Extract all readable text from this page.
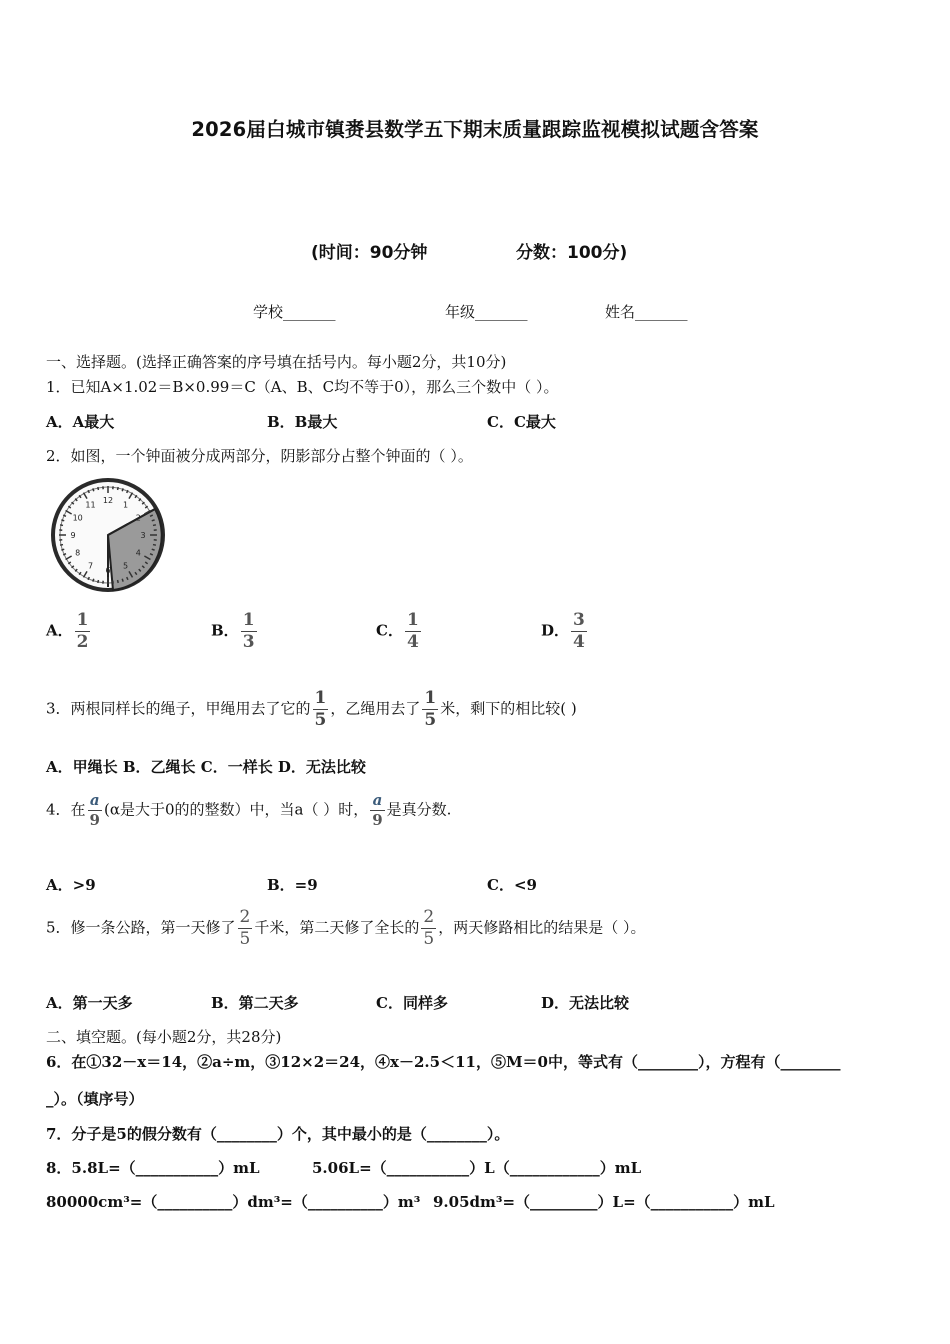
2026届白城市镇赉县数学五下期末质量跟踪监视模拟试题含答案
(时间：90分钟	分数：100分)
学校_______	年级_______	姓名_______
一、选择题。(选择正确答案的序号填在括号内。每小题2分，共10分)
1．已知A×1.02＝B×0.99＝C（A、B、C均不等于0），那么三个数中（ ）。
A．A最大	B．B最大	C．C最大
2．如图，一个钟面被分成两部分，阴影部分占整个钟面的（ ）。
11
12
1
2
3
4
5
6
7
8
9
10
A． $\frac{1}{2}$	B． $\frac{1}{3}$	C． $\frac{1}{4}$	D． $\frac{3}{4}$
3．两根同样长的绳子，甲绳用去了它的 $\frac{1}{5}$ ，乙绳用去了 $\frac{1}{5}$ 米，剩下的相比较( )
A．甲绳长 B．乙绳长 C．一样长 D．无法比较
4．在 $\frac{a}{9} (\alpha$是大于0的的整数）中，当a（ ）时， $\frac{a}{9}$ 是真分数.
A．>9	B．=9	C．<9
5．修一条公路，第一天修了 $\frac{2}{5}$ 千米，第二天修了全长的 $\frac{2}{5}$ ，两天修路相比的结果是（ ）。
A．第一天多	B．第二天多	C．同样多	D．无法比较
二、填空题。(每小题2分，共28分)
6．在①32－x＝14，②a÷m，③12×2＝24，④x－2.5＜11，⑤M＝0中，等式有（________），方程有（________
_）。（填序号）
7．分子是5的假分数有（________）个，其中最小的是（________）。
8．5.8L=（___________）mL	5.06L=（___________）L（____________）mL
80000cm³=（__________）dm³=（__________）m³ 9.05dm³=（_________）L=（___________）mL
